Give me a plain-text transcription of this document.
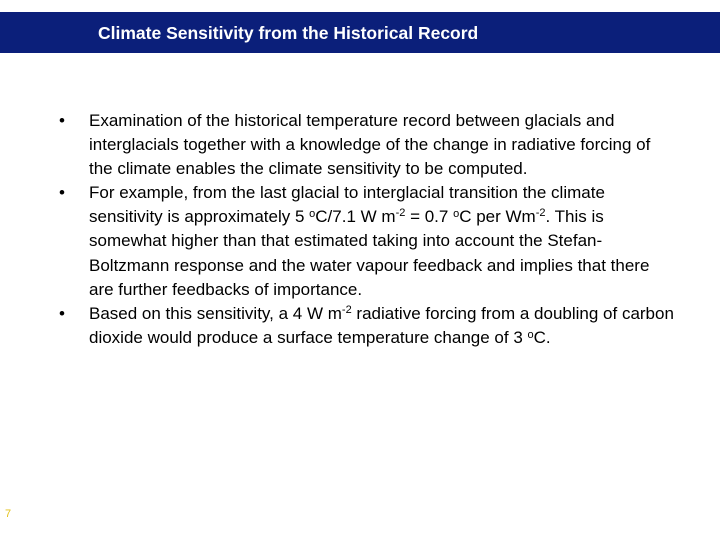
Climate Sensitivity from the Historical Record
• Examination of the historical temperature record between glacials and interglacials together with a knowledge of the change in radiative forcing of the climate enables the climate sensitivity to be computed.
• For example, from the last glacial to interglacial transition the climate sensitivity is approximately 5 $^o$C/7.1 W $m^{-2} = 0.7$ $^o$C per $Wm^{-2}$. This is somewhat higher than that estimated taking into account the Stefan-Boltzmann response and the water vapour feedback and implies that there are further feedbacks of importance.
• Based on this sensitivity, a 4 W $m^{-2}$ radiative forcing from a doubling of carbon dioxide would produce a surface temperature change of 3 $^o$C.
7
